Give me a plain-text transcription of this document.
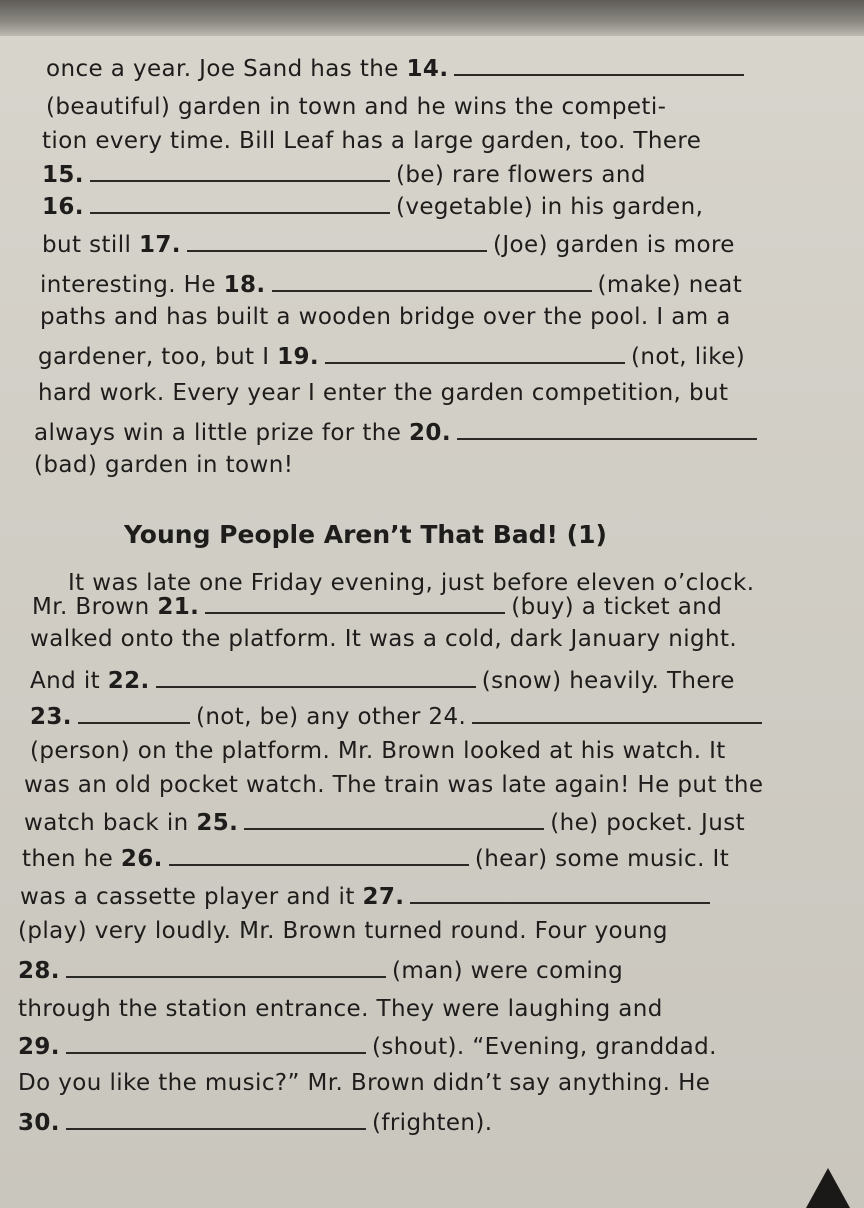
once a year. Joe Sand has the 14.
(beautiful) garden in town and he wins the competi-
tion every time. Bill Leaf has a large garden, too. There
15.	(be) rare flowers and
16.	(vegetable) in his garden,
but still 17.	(Joe) garden is more
interesting. He 18.	(make) neat
paths and has built a wooden bridge over the pool. I am a
gardener, too, but I 19.	(not, like)
hard work. Every year I enter the garden competition, but
always win a little prize for the 20.
(bad) garden in town!
Young People Aren’t That Bad! (1)
It was late one Friday evening, just before eleven o’clock.
Mr. Brown 21.	(buy) a ticket and
walked onto the platform. It was a cold, dark January night.
And it 22.	(snow) heavily. There
23.	(not, be) any other 24.
(person) on the platform. Mr. Brown looked at his watch. It
was an old pocket watch. The train was late again! He put the
watch back in 25.	(he) pocket. Just
then he 26.	(hear) some music. It
was a cassette player and it 27.
(play) very loudly. Mr. Brown turned round. Four young
28.	(man) were coming
through the station entrance. They were laughing and
29.	(shout). “Evening, granddad.
Do you like the music?” Mr. Brown didn’t say anything. He
30.	(frighten).
